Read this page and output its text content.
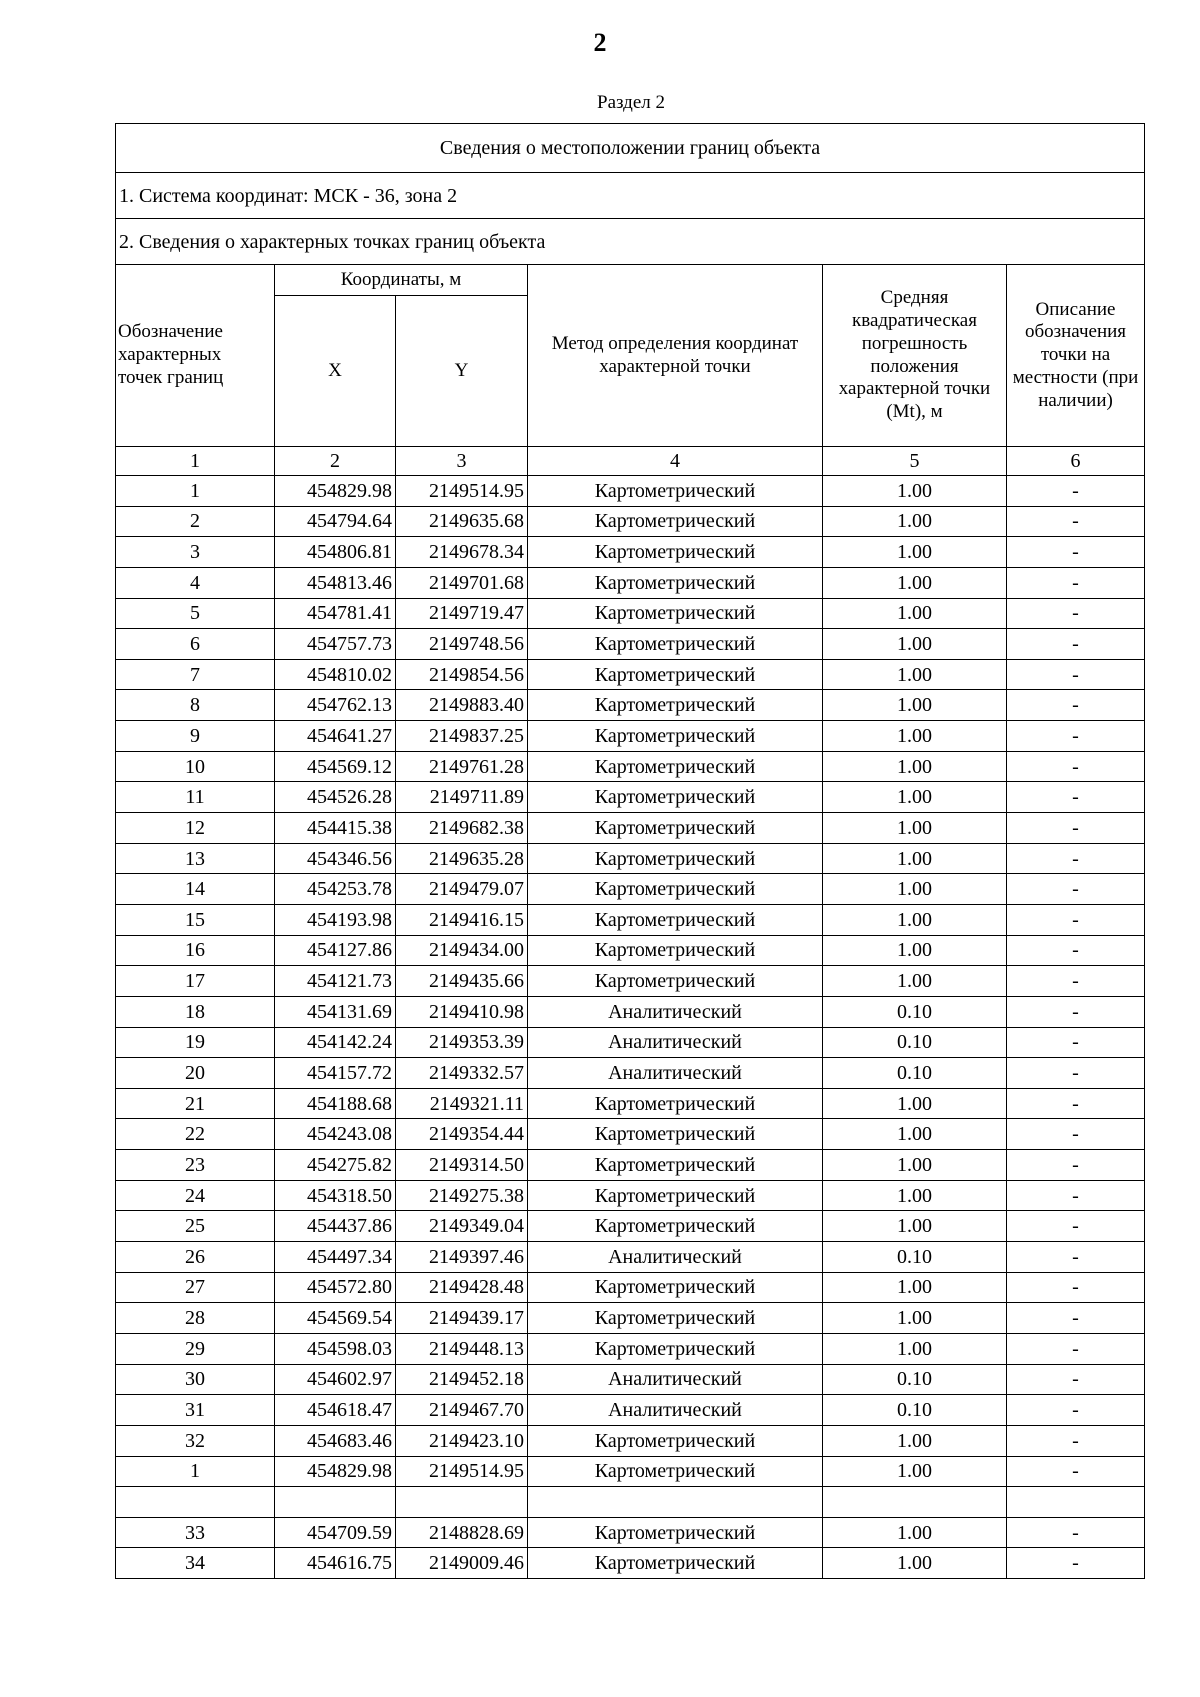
2
Раздел 2
Сведения о местоположении границ объекта					
1. Система координат: МСК - 36, зона 2					
2. Сведения о характерных точках границ объекта					
Обозначение характерных точек границ	Координаты, м		Метод определения координат характерной точки	Средняя квадратическая погрешность положения характерной точки (Mt), м	Описание обозначения точки на местности (при наличии)
	X	Y			
1	2	3	4	5	6
1	454829.98	2149514.95	Картометрический	1.00	-
2	454794.64	2149635.68	Картометрический	1.00	-
3	454806.81	2149678.34	Картометрический	1.00	-
4	454813.46	2149701.68	Картометрический	1.00	-
5	454781.41	2149719.47	Картометрический	1.00	-
6	454757.73	2149748.56	Картометрический	1.00	-
7	454810.02	2149854.56	Картометрический	1.00	-
8	454762.13	2149883.40	Картометрический	1.00	-
9	454641.27	2149837.25	Картометрический	1.00	-
10	454569.12	2149761.28	Картометрический	1.00	-
11	454526.28	2149711.89	Картометрический	1.00	-
12	454415.38	2149682.38	Картометрический	1.00	-
13	454346.56	2149635.28	Картометрический	1.00	-
14	454253.78	2149479.07	Картометрический	1.00	-
15	454193.98	2149416.15	Картометрический	1.00	-
16	454127.86	2149434.00	Картометрический	1.00	-
17	454121.73	2149435.66	Картометрический	1.00	-
18	454131.69	2149410.98	Аналитический	0.10	-
19	454142.24	2149353.39	Аналитический	0.10	-
20	454157.72	2149332.57	Аналитический	0.10	-
21	454188.68	2149321.11	Картометрический	1.00	-
22	454243.08	2149354.44	Картометрический	1.00	-
23	454275.82	2149314.50	Картометрический	1.00	-
24	454318.50	2149275.38	Картометрический	1.00	-
25	454437.86	2149349.04	Картометрический	1.00	-
26	454497.34	2149397.46	Аналитический	0.10	-
27	454572.80	2149428.48	Картометрический	1.00	-
28	454569.54	2149439.17	Картометрический	1.00	-
29	454598.03	2149448.13	Картометрический	1.00	-
30	454602.97	2149452.18	Аналитический	0.10	-
31	454618.47	2149467.70	Аналитический	0.10	-
32	454683.46	2149423.10	Картометрический	1.00	-
1	454829.98	2149514.95	Картометрический	1.00	-

33	454709.59	2148828.69	Картометрический	1.00	-
34	454616.75	2149009.46	Картометрический	1.00	-
